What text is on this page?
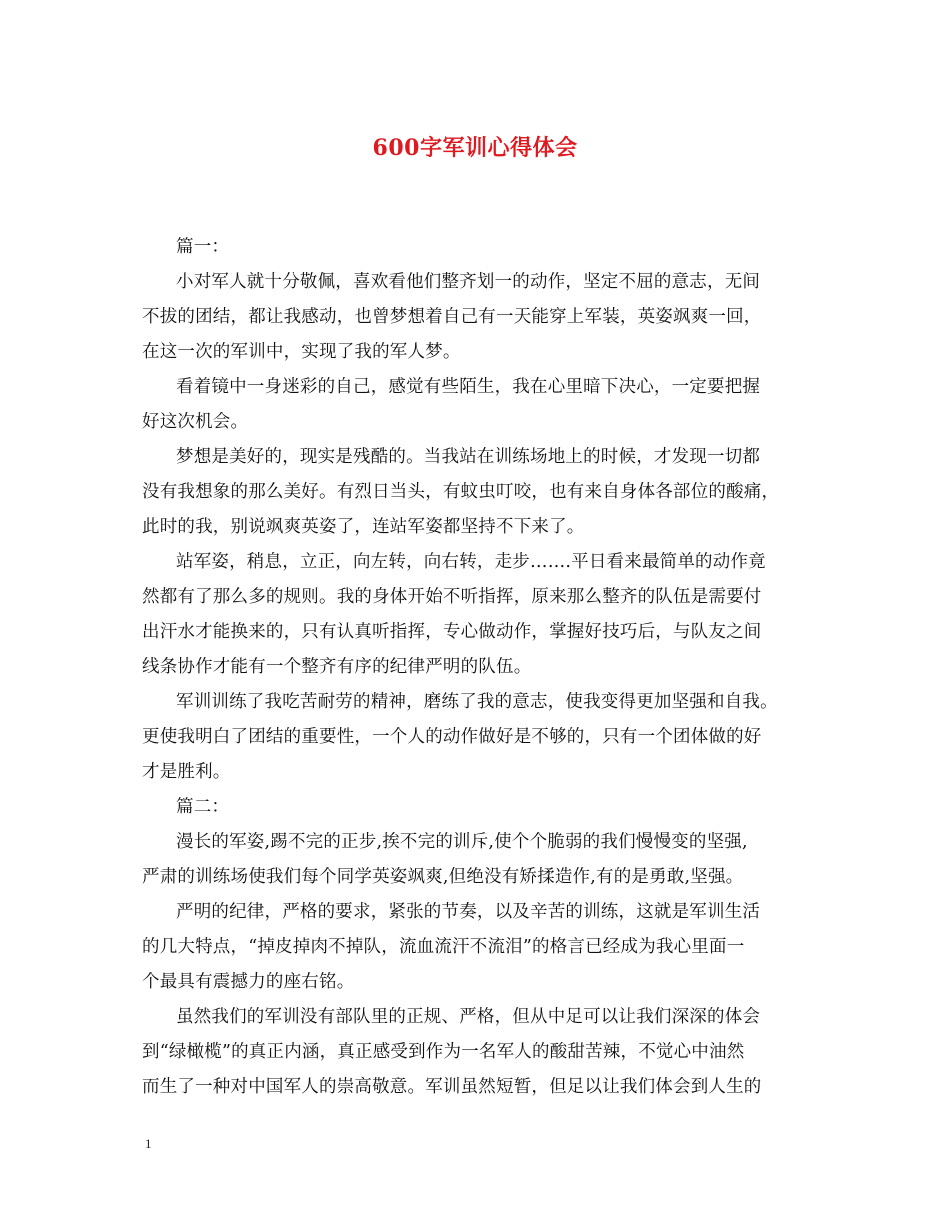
600字军训心得体会
篇一：
小对军人就十分敬佩，喜欢看他们整齐划一的动作，坚定不屈的意志，无间
不拔的团结，都让我感动，也曾梦想着自己有一天能穿上军装，英姿飒爽一回，
在这一次的军训中，实现了我的军人梦。
看着镜中一身迷彩的自己，感觉有些陌生，我在心里暗下决心，一定要把握
好这次机会。
梦想是美好的，现实是残酷的。当我站在训练场地上的时候，才发现一切都
没有我想象的那么美好。有烈日当头，有蚊虫叮咬，也有来自身体各部位的酸痛，
此时的我，别说飒爽英姿了，连站军姿都坚持不下来了。
站军姿，稍息，立正，向左转，向右转，走步…….平日看来最简单的动作竟
然都有了那么多的规则。我的身体开始不听指挥，原来那么整齐的队伍是需要付
出汗水才能换来的，只有认真听指挥，专心做动作，掌握好技巧后，与队友之间
线条协作才能有一个整齐有序的纪律严明的队伍。
军训训练了我吃苦耐劳的精神，磨练了我的意志，使我变得更加坚强和自我。
更使我明白了团结的重要性，一个人的动作做好是不够的，只有一个团体做的好
才是胜利。
篇二：
漫长的军姿,踢不完的正步,挨不完的训斥,使个个脆弱的我们慢慢变的坚强,
严肃的训练场使我们每个同学英姿飒爽,但绝没有矫揉造作,有的是勇敢,坚强。
严明的纪律，严格的要求，紧张的节奏，以及辛苦的训练，这就是军训生活
的几大特点，“掉皮掉肉不掉队，流血流汗不流泪”的格言已经成为我心里面一
个最具有震撼力的座右铭。
虽然我们的军训没有部队里的正规、严格，但从中足可以让我们深深的体会
到“绿橄榄”的真正内涵，真正感受到作为一名军人的酸甜苦辣，不觉心中油然
而生了一种对中国军人的崇高敬意。军训虽然短暂，但足以让我们体会到人生的
1
